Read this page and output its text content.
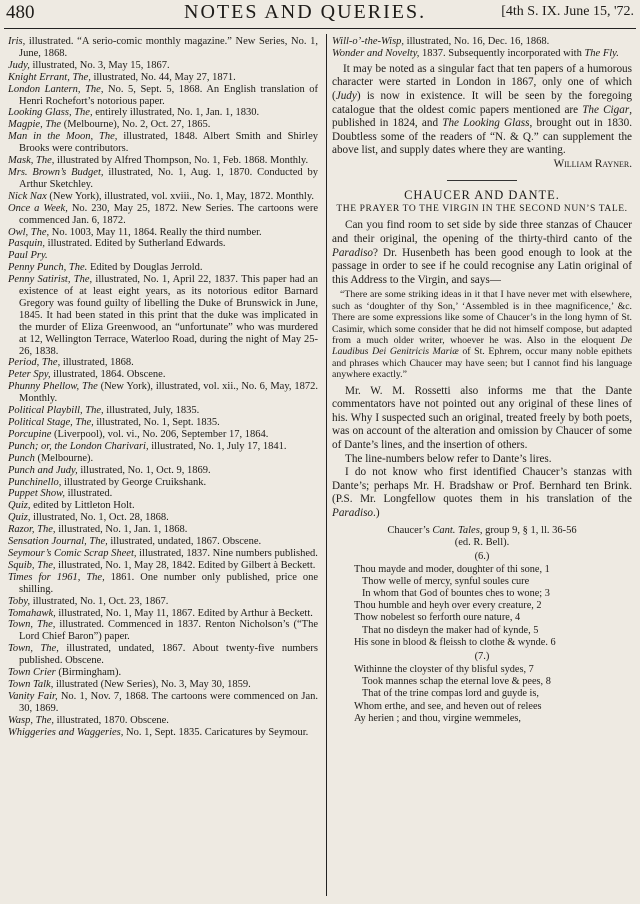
480	NOTES AND QUERIES.	[4th S. IX. June 15, '72.

Iris, illustrated. “A serio-comic monthly magazine.” New Series, No. 1, June, 1868.

Judy, illustrated, No. 3, May 15, 1867.

Knight Errant, The, illustrated, No. 44, May 27, 1871.

London Lantern, The, No. 5, Sept. 5, 1868. An English translation of Henri Rochefort’s notorious paper.

Looking Glass, The, entirely illustrated, No. 1, Jan. 1, 1830.

Magpie, The (Melbourne), No. 2, Oct. 27, 1865.

Man in the Moon, The, illustrated, 1848. Albert Smith and Shirley Brooks were contributors.

Mask, The, illustrated by Alfred Thompson, No. 1, Feb. 1868. Monthly.

Mrs. Brown’s Budget, illustrated, No. 1, Aug. 1, 1870. Conducted by Arthur Sketchley.

Nick Nax (New York), illustrated, vol. xviii., No. 1, May, 1872. Monthly.

Once a Week, No. 230, May 25, 1872. New Series. The cartoons were commenced Jan. 6, 1872.

Owl, The, No. 1003, May 11, 1864. Really the third number.

Pasquin, illustrated. Edited by Sutherland Edwards.

Paul Pry.

Penny Punch, The. Edited by Douglas Jerrold.

Penny Satirist, The, illustrated, No. 1, April 22, 1837. This paper had an existence of at least eight years, as its notorious editor Barnard Gregory was found guilty of libelling the Duke of Brunswick in June, 1845. It had been stated in this print that the duke was implicated in the murder of Eliza Greenwood, an “unfortunate” who was murdered at 12, Wellington Terrace, Waterloo Road, during the night of May 25-26, 1838.

Period, The, illustrated, 1868.

Peter Spy, illustrated, 1864. Obscene.

Phunny Phellow, The (New York), illustrated, vol. xii., No. 6, May, 1872. Monthly.

Political Playbill, The, illustrated, July, 1835.

Political Stage, The, illustrated, No. 1, Sept. 1835.

Porcupine (Liverpool), vol. vi., No. 206, September 17, 1864.

Punch; or, the London Charivari, illustrated, No. 1, July 17, 1841.

Punch (Melbourne).

Punch and Judy, illustrated, No. 1, Oct. 9, 1869.

Punchinello, illustrated by George Cruikshank.

Puppet Show, illustrated.

Quiz, edited by Littleton Holt.

Quiz, illustrated, No. 1, Oct. 28, 1868.

Razor, The, illustrated, No. 1, Jan. 1, 1868.

Sensation Journal, The, illustrated, undated, 1867. Obscene.

Seymour’s Comic Scrap Sheet, illustrated, 1837. Nine numbers published.

Squib, The, illustrated, No. 1, May 28, 1842. Edited by Gilbert à Beckett.

Times for 1961, The, 1861. One number only published, price one shilling.

Toby, illustrated, No. 1, Oct. 23, 1867.

Tomahawk, illustrated, No. 1, May 11, 1867. Edited by Arthur à Beckett.

Town, The, illustrated. Commenced in 1837. Renton Nicholson’s (“The Lord Chief Baron”) paper.

Town, The, illustrated, undated, 1867. About twenty-five numbers published. Obscene.

Town Crier (Birmingham).

Town Talk, illustrated (New Series), No. 3, May 30, 1859.

Vanity Fair, No. 1, Nov. 7, 1868. The cartoons were commenced on Jan. 30, 1869.

Wasp, The, illustrated, 1870. Obscene.

Whiggeries and Waggeries, No. 1, Sept. 1835. Caricatures by Seymour.

Will-o’-the-Wisp, illustrated, No. 16, Dec. 16, 1868.

Wonder and Novelty, 1837. Subsequently incorporated with The Fly.

It may be noted as a singular fact that ten papers of a humorous character were started in London in 1867, only one of which (Judy) is now in existence. It will be seen by the foregoing catalogue that the oldest comic papers mentioned are The Cigar, published in 1824, and The Looking Glass, brought out in 1830. Doubtless some of the readers of “N. & Q.” can supplement the above list, and supply dates where they are wanting.

William Rayner.

CHAUCER AND DANTE.
THE PRAYER TO THE VIRGIN IN THE SECOND NUN’S TALE.

Can you find room to set side by side three stanzas of Chaucer and their original, the opening of the thirty-third canto of the Paradiso? Dr. Husenbeth has been good enough to look at the passage in order to see if he could recognise any Latin original of this Address to the Virgin, and says—

“There are some striking ideas in it that I have never met with elsewhere, such as ‘doughter of thy Son,’ ‘Assembled is in thee magnificence,’ &c. There are some expressions like some of Chaucer’s in the long hymn of St. Casimir, which some consider that he did not himself compose, but adapted from a much older writer, whoever he was. Also in the eloquent De Laudibus Dei Genitricis Mariæ of St. Ephrem, occur many noble epithets and phrases which Chaucer may have seen; but I cannot find his language anywhere exactly.”

Mr. W. M. Rossetti also informs me that the Dante commentators have not pointed out any original of these lines of his. Why I suspected such an original, treated freely by both poets, was on account of the alteration and omission by Chaucer of some of Dante’s lines, and the insertion of others.

The line-numbers below refer to Dante’s lires.

I do not know who first identified Chaucer’s stanzas with Dante’s; perhaps Mr. H. Bradshaw or Prof. Bernhard ten Brink. (P.S. Mr. Longfellow quotes them in his translation of the Paradiso.)

Chaucer’s Cant. Tales, group 9, § 1, ll. 36-56
(ed. R. Bell).
(6.)
Thou mayde and moder, doughter of thi sone, 1
Thow welle of mercy, synful soules cure
In whom that God of bountes ches to wone; 3
Thou humble and heyh over every creature, 2
Thow nobelest so ferforth oure nature, 4
That no disdeyn the maker had of kynde, 5
His sone in blood & fleissh to clothe & wynde. 6
(7.)
Withinne the cloyster of thy blisful sydes, 7
Took mannes schap the eternal love & pees, 8
That of the trine compas lord and guyde is,
Whom erthe, and see, and heven out of relees
Ay herien ; and thou, virgine wemmeles,
